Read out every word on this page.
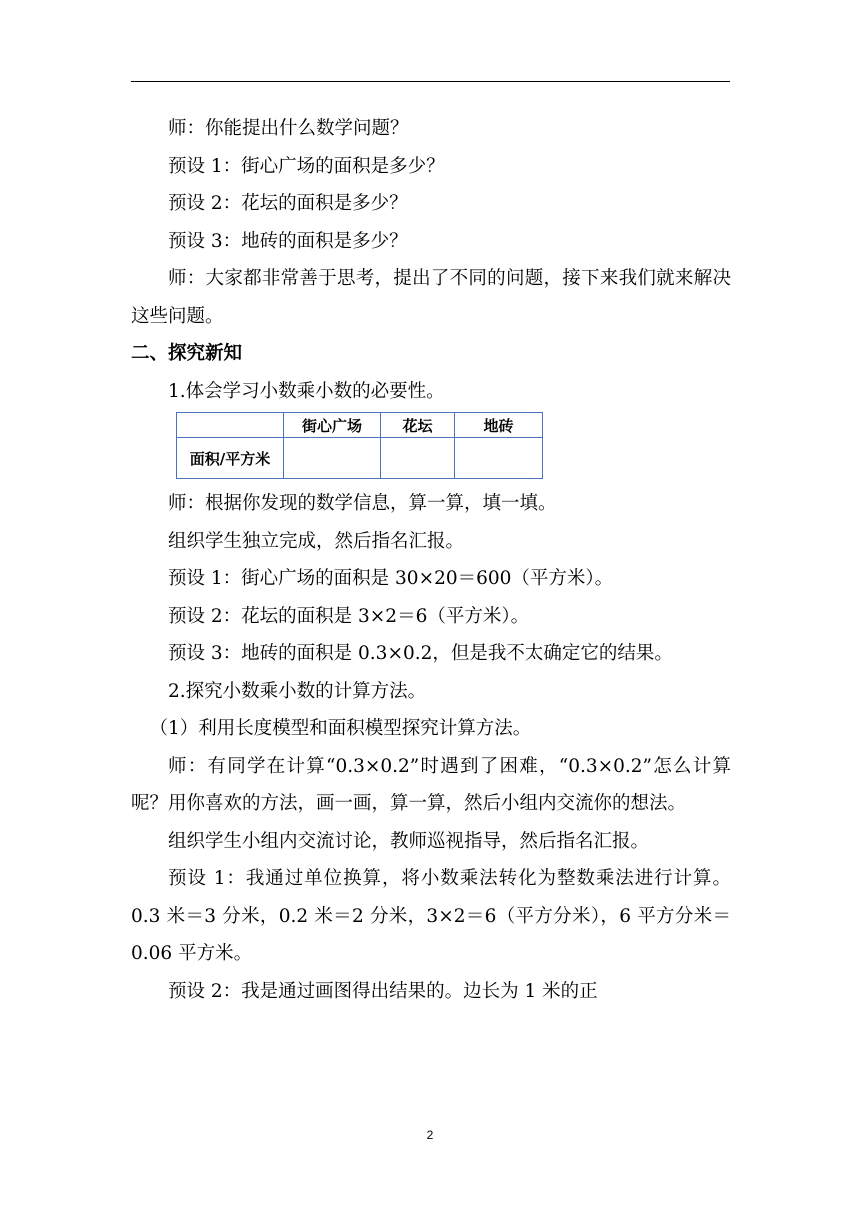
师：你能提出什么数学问题？

预设 1：街心广场的面积是多少？

预设 2：花坛的面积是多少？

预设 3：地砖的面积是多少？

师：大家都非常善于思考，提出了不同的问题，接下来我们就来解决这些问题。

二、探究新知

1.体会学习小数乘小数的必要性。

	街心广场	花坛	地砖
面积/平方米			

师：根据你发现的数学信息，算一算，填一填。

组织学生独立完成，然后指名汇报。

预设 1：街心广场的面积是 30×20＝600（平方米）。

预设 2：花坛的面积是 3×2＝6（平方米）。

预设 3：地砖的面积是 0.3×0.2，但是我不太确定它的结果。

2.探究小数乘小数的计算方法。

（1）利用长度模型和面积模型探究计算方法。

师：有同学在计算“0.3×0.2”时遇到了困难，“0.3×0.2”怎么计算呢？用你喜欢的方法，画一画，算一算，然后小组内交流你的想法。

组织学生小组内交流讨论，教师巡视指导，然后指名汇报。

预设 1：我通过单位换算，将小数乘法转化为整数乘法进行计算。0.3 米＝3 分米，0.2 米＝2 分米，3×2＝6（平方分米），6 平方分米＝0.06 平方米。

预设 2：我是通过画图得出结果的。边长为 1 米的正

2
